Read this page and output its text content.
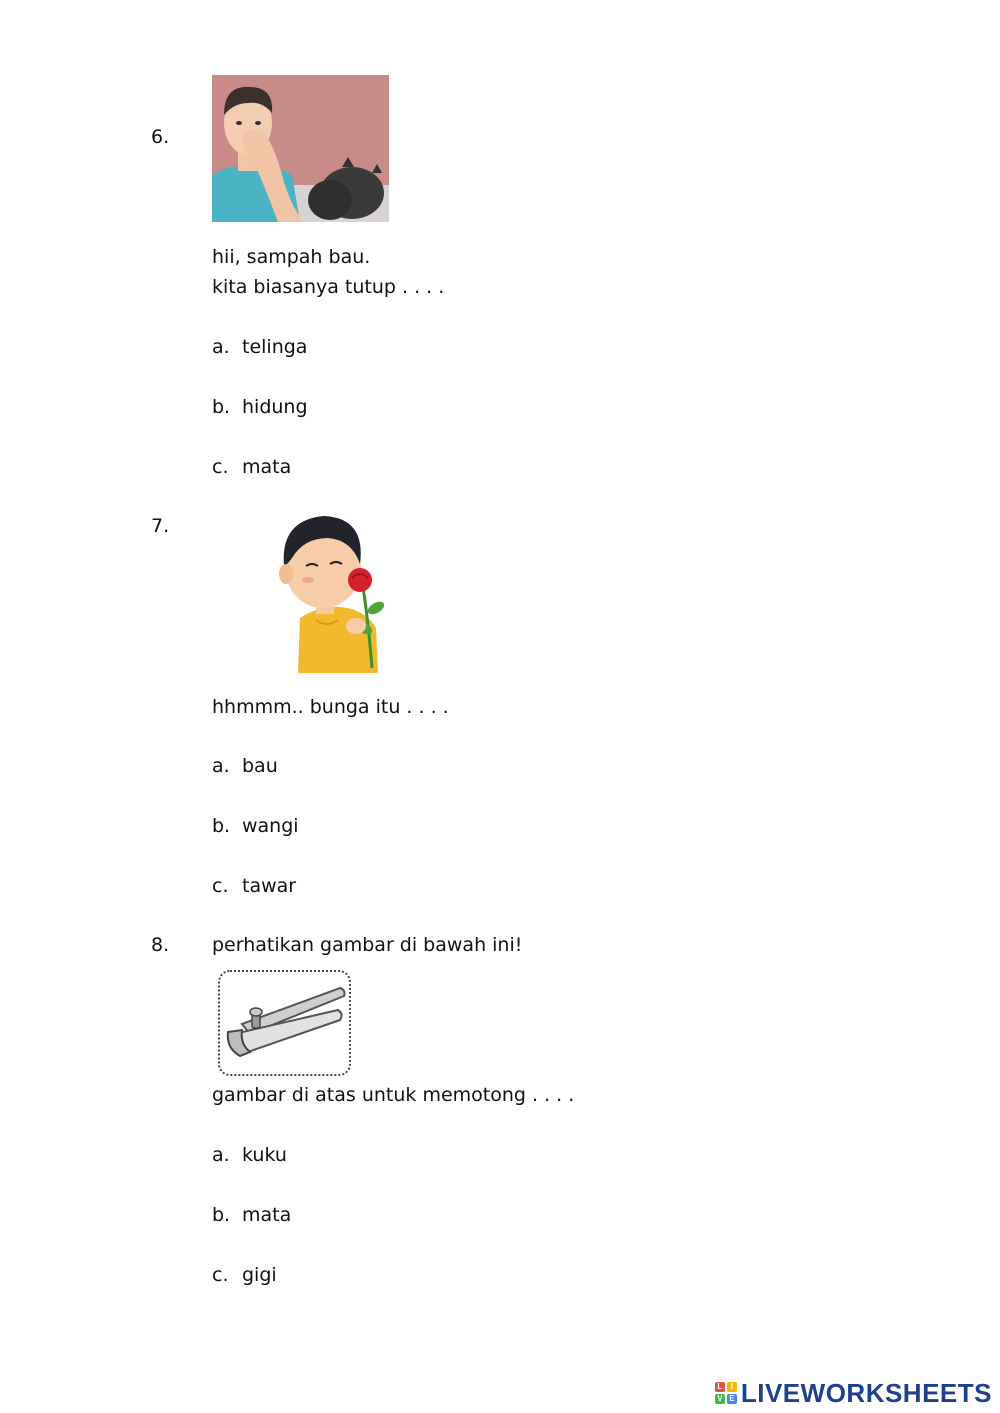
6.
hii, sampah bau.
kita biasanya tutup . . . .
a. telinga
b. hidung
c. mata
7.
hhmmm.. bunga itu . . . .
a. bau
b. wangi
c. tawar
8. perhatikan gambar di bawah ini!
gambar di atas untuk memotong . . . .
a. kuku
b. mata
c. gigi
L	I
V E LIVEWORKSHEETS
